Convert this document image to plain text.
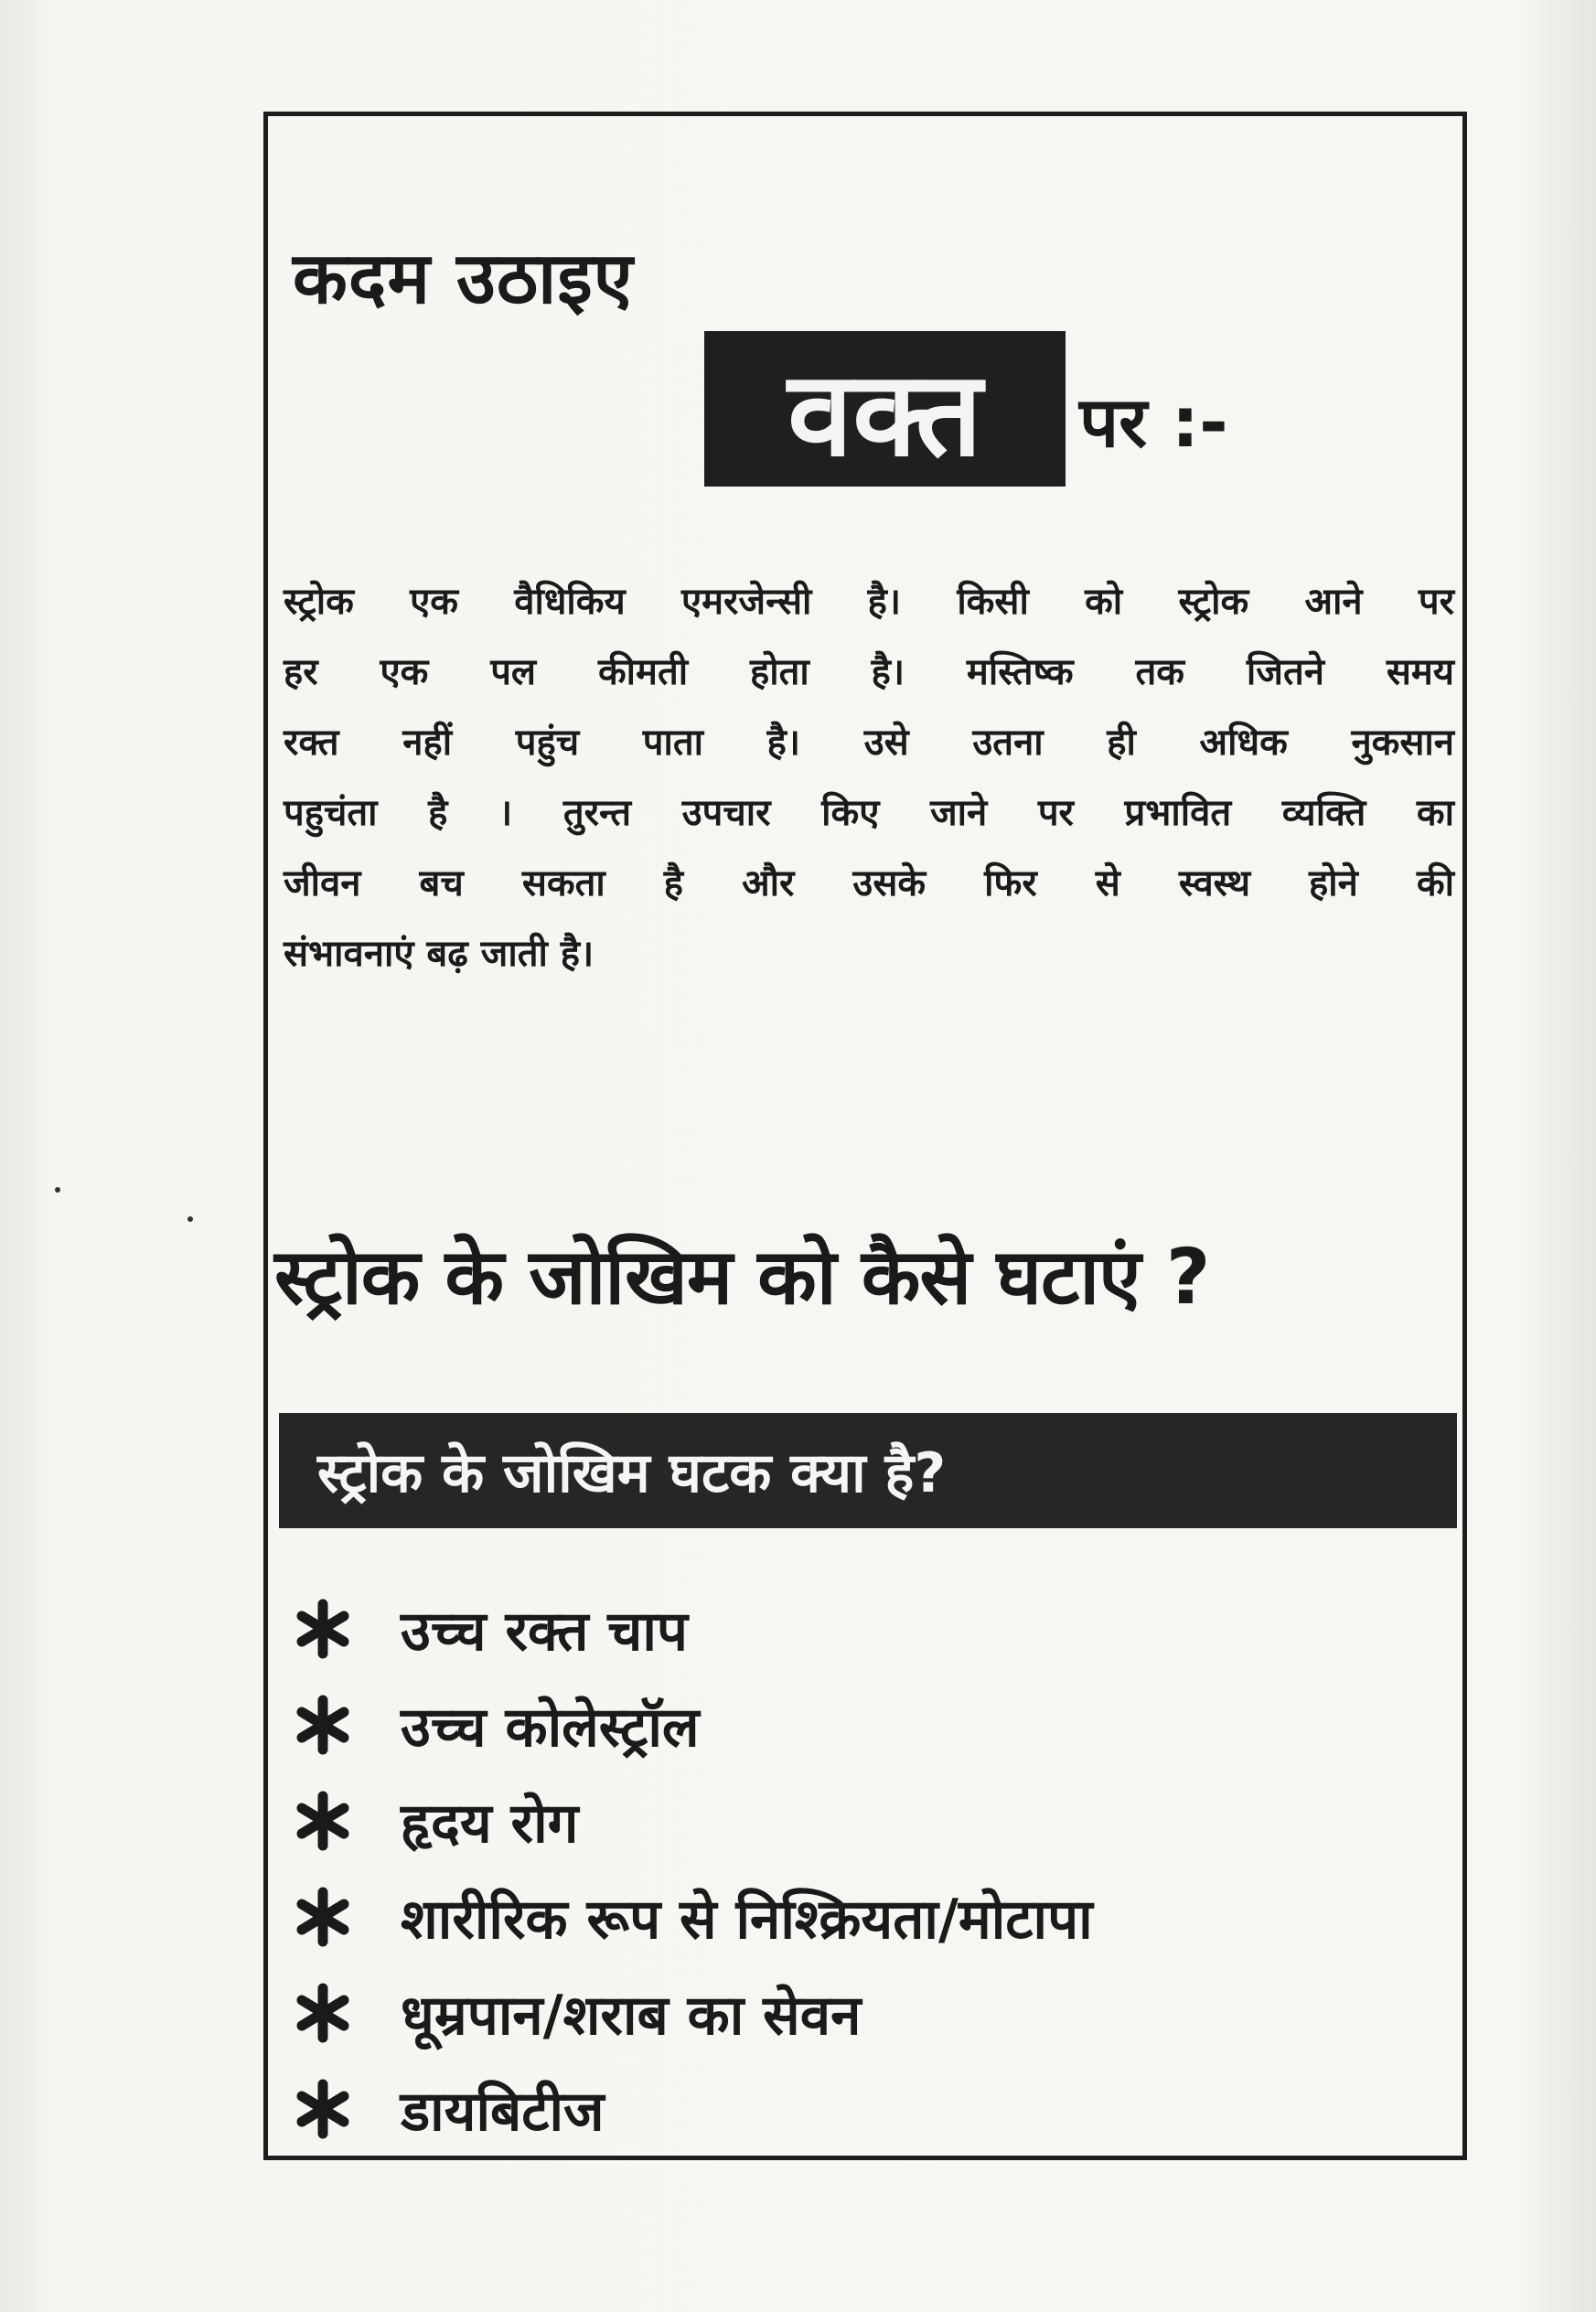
कदम उठाइए
वक्त	पर :-
स्ट्रोक एक वैधिकिय एमरजेन्सी है। किसी को स्ट्रोक आने पर
हर एक पल कीमती होता है। मस्तिष्क तक जितने समय
रक्त नहीं पहुंच पाता है। उसे उतना ही अधिक नुकसान
पहुचंता है । तुरन्त उपचार किए जाने पर प्रभावित व्यक्ति का
जीवन बच सकता है और उसके फिर से स्वस्थ होने की
संभावनाएं बढ़ जाती है।
स्ट्रोक के जोखिम को कैसे घटाएं ?
स्ट्रोक के जोखिम घटक क्या है?
उच्च रक्त चाप
उच्च कोलेस्ट्रॉल
हृदय रोग
शारीरिक रूप से निश्क्रियता/मोटापा
धूम्रपान/शराब का सेवन
डायबिटीज
